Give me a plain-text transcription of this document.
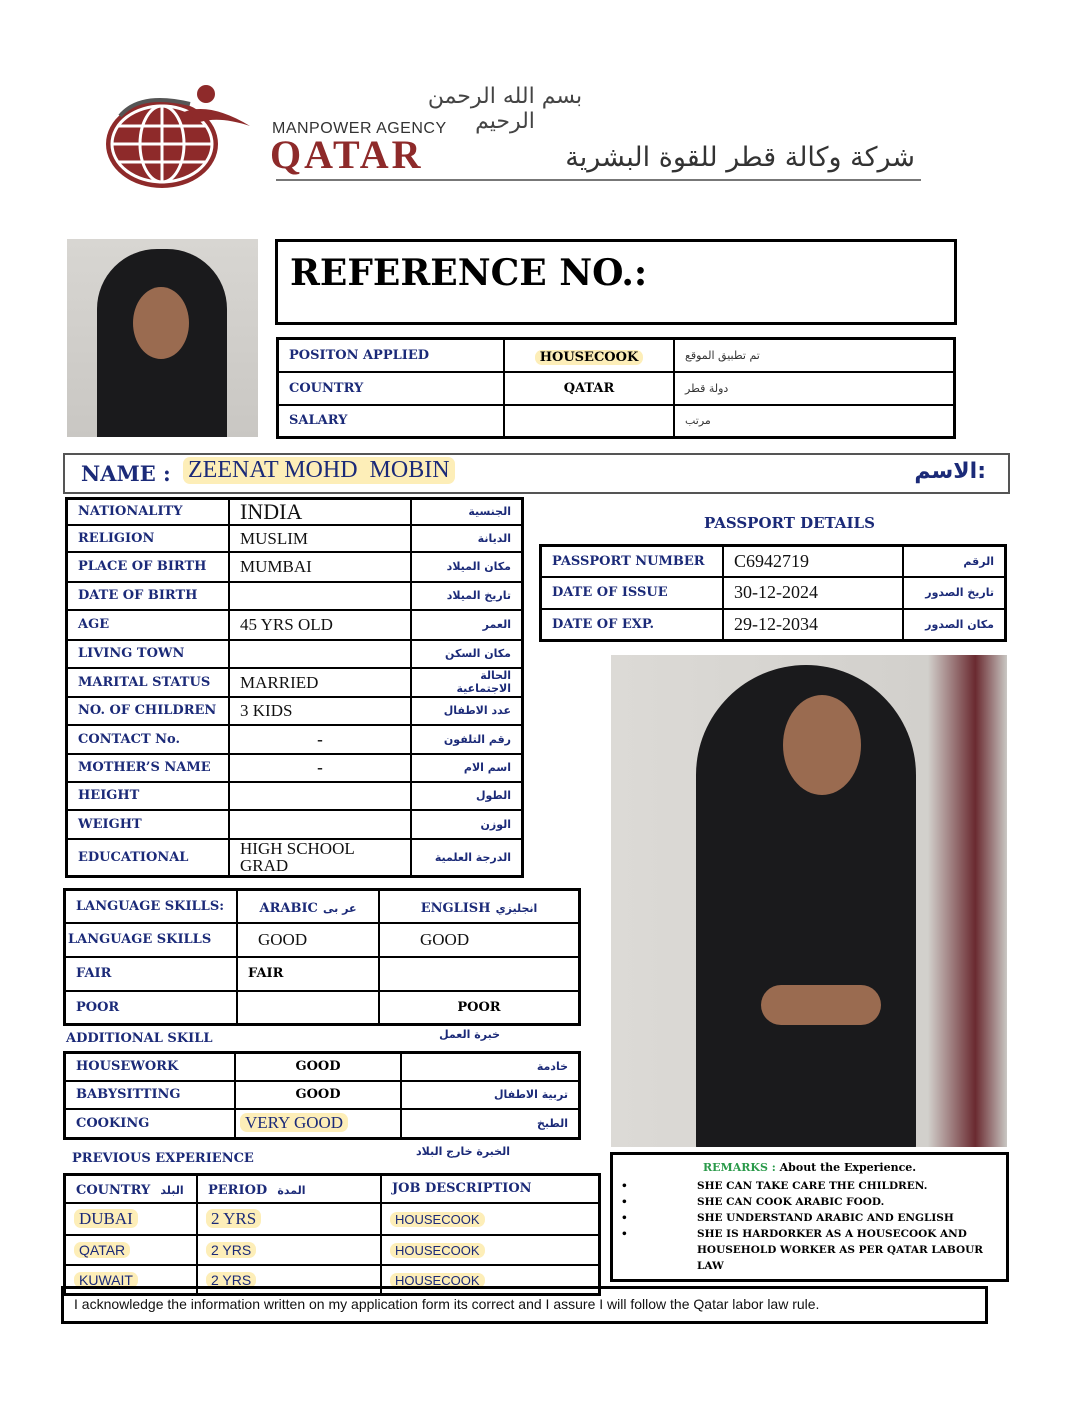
بسم الله الرحمن الرحيم
MANPOWER AGENCY
QATAR	شركة وكالة قطر للقوة البشرية
REFERENCE NO.:
POSITON APPLIED	HOUSECOOK	تم تطبيق الموقع
COUNTRY	QATAR	دولة قطر
SALARY		مرتب
NAME : ZEENAT MOHD  MOBIN	الاسم:
NATIONALITY	INDIA	الجنسية
RELIGION	MUSLIM	الديانة
PLACE OF BIRTH	MUMBAI	مكان الميلاد
DATE OF BIRTH		تاريخ الميلاد
AGE	45 YRS OLD	العمر
LIVING TOWN		مكان السكن
MARITAL STATUS	MARRIED	الحالة الاجتماعية
NO. OF CHILDREN	3 KIDS	عدد الاطفال
CONTACT No.	-	رقم التلفون
MOTHER’S NAME	-	اسم الام
HEIGHT		الطول
WEIGHT		الوزن
EDUCATIONAL	HIGH SCHOOL GRAD	الدرجة العلمية
PASSPORT DETAILS
PASSPORT NUMBER	C6942719	الرقم
DATE OF ISSUE	30-12-2024	تاريخ الصدور
DATE OF EXP.	29-12-2034	مكان الصدور
LANGUAGE SKILLS:	ARABIC عر بى	ENGLISH انجليزي
LANGUAGE SKILLS	GOOD	GOOD
FAIR	FAIR	
POOR		POOR
ADDITIONAL SKILL	خبرة العمل
HOUSEWORK	GOOD	خادمة
BABYSITTING	GOOD	تربية الاطفال
COOKING	VERY GOOD	الطبخ
PREVIOUS EXPERIENCE	الخبرة خارج البلاد
COUNTRY البلد	PERIOD المدة	JOB DESCRIPTION
DUBAI	2 YRS	HOUSECOOK
QATAR	2 YRS	HOUSECOOK
KUWAIT	2 YRS	HOUSECOOK
REMARKS : About the Experience.
•	SHE CAN TAKE CARE THE CHILDREN.
•	SHE CAN COOK ARABIC FOOD.
•	SHE UNDERSTAND ARABIC AND ENGLISH
•	SHE IS HARDORKER AS A HOUSECOOK AND HOUSEHOLD WORKER AS PER QATAR LABOUR LAW
I acknowledge the information written on my application form its correct and I assure I will follow the Qatar labor law rule.
